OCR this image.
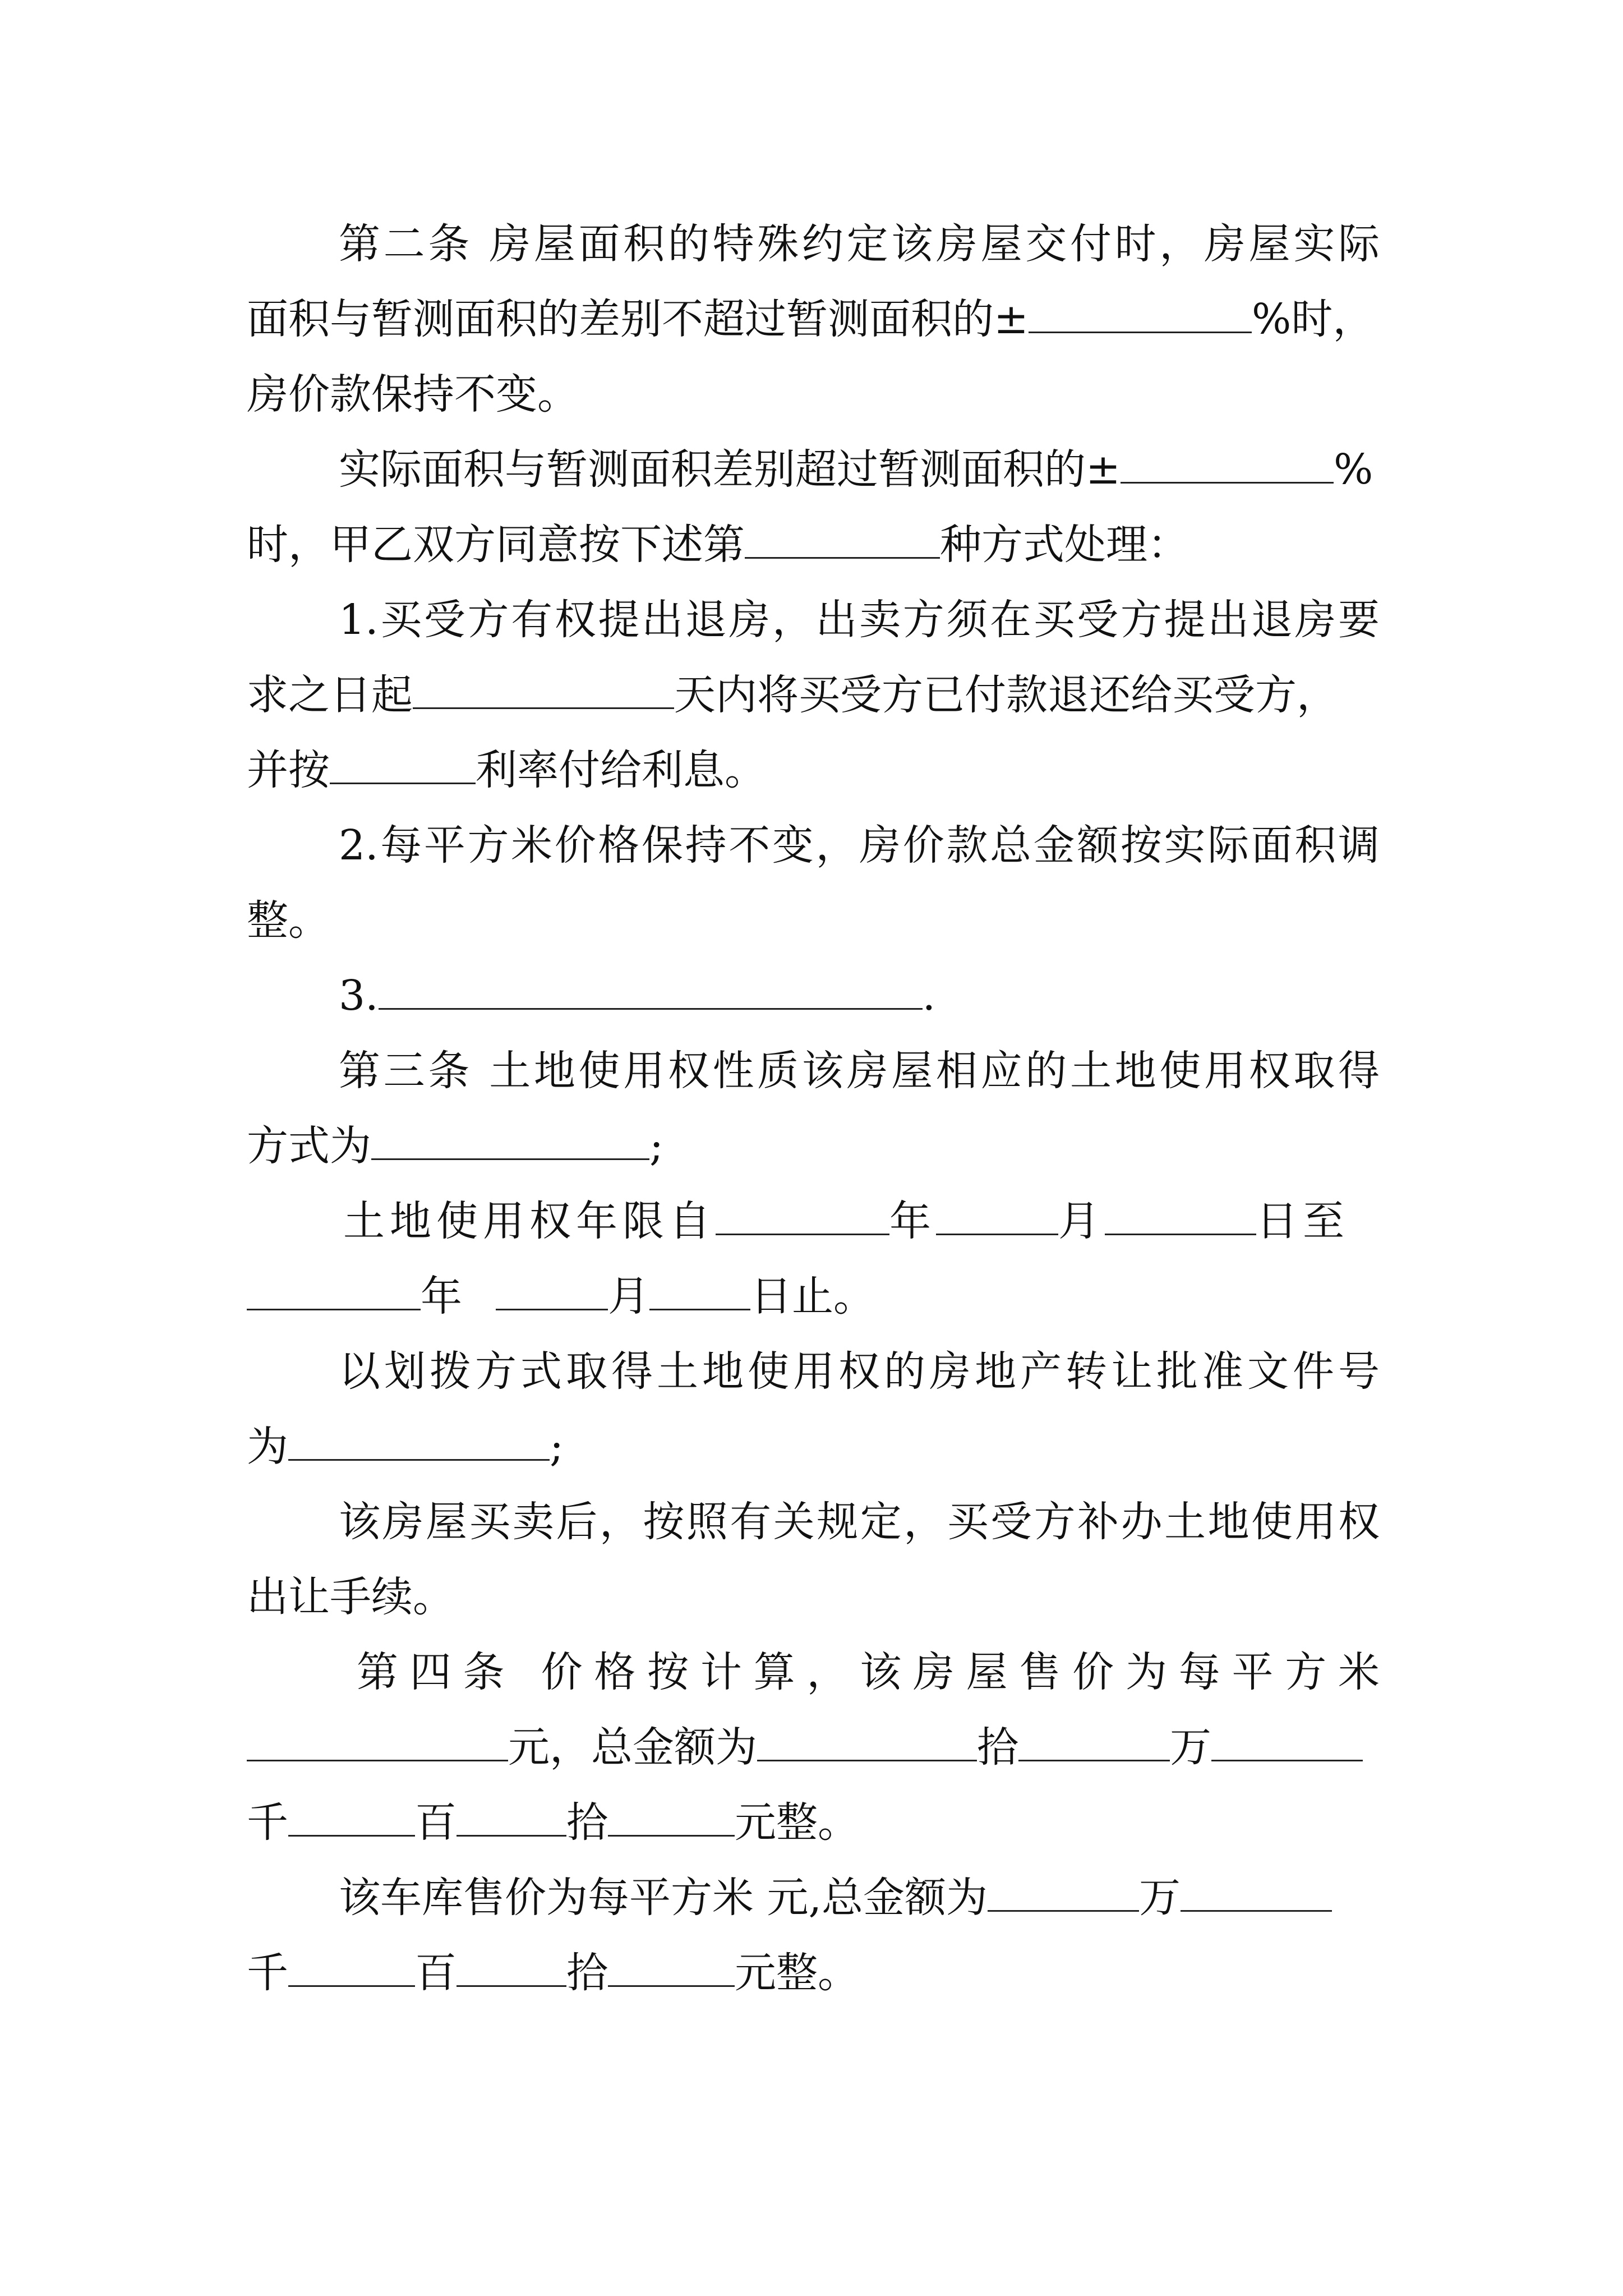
第二条 房屋面积的特殊约定该房屋交付时，房屋实际
面积与暂测面积的差别不超过暂测面积的±	%时，
房价款保持不变。
实际面积与暂测面积差别超过暂测面积的±	%
时，甲乙双方同意按下述第	种方式处理：
1.买受方有权提出退房，出卖方须在买受方提出退房要
求之日起	天内将买受方已付款退还给买受方，
并按	利率付给利息。
2.每平方米价格保持不变，房价款总金额按实际面积调
整。
3.	.
第三条 土地使用权性质该房屋相应的土地使用权取得
方式为	;
土地使用权年限自	年	月	日至
年	月 日止。
以划拨方式取得土地使用权的房地产转让批准文件号
为	;
该房屋买卖后，按照有关规定，买受方补办土地使用权
出让手续。
第四条 价格按计算，该房屋售价为每平方米
元，总金额为	拾	万
千	百	拾	元整。
该车库售价为每平方米 元,总金额为	万
千	百	拾	元整。
